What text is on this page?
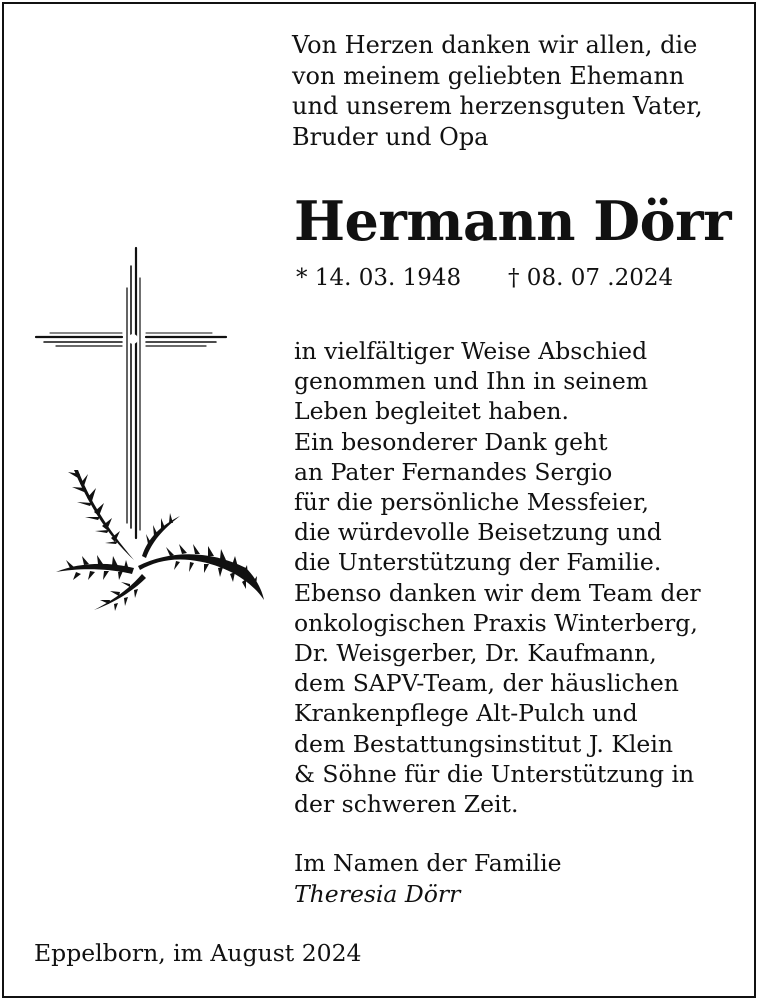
Von Herzen danken wir allen, die
von meinem geliebten Ehemann
und unserem herzensguten Vater,
Bruder und Opa

Hermann Dörr
* 14. 03. 1948 † 08. 07 .2024

in vielfältiger Weise Abschied
genommen und Ihn in seinem
Leben begleitet haben.
Ein besonderer Dank geht
an Pater Fernandes Sergio
für die persönliche Messfeier,
die würdevolle Beisetzung und
die Unterstützung der Familie.
Ebenso danken wir dem Team der
onkologischen Praxis Winterberg,
Dr. Weisgerber, Dr. Kaufmann,
dem SAPV-Team, der häuslichen
Krankenpflege Alt-Pulch und
dem Bestattungsinstitut J. Klein
& Söhne für die Unterstützung in
der schweren Zeit.

Im Namen der Familie
Theresia Dörr

Eppelborn, im August 2024
